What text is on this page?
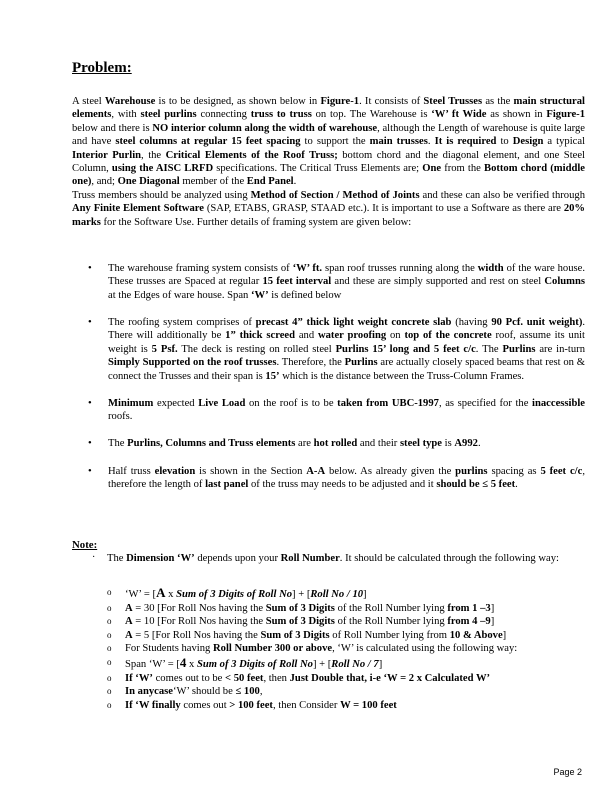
Problem:

A steel Warehouse is to be designed, as shown below in Figure-1. It consists of Steel Trusses as the main structural elements, with steel purlins connecting truss to truss on top. The Warehouse is ‘W’ ft Wide as shown in Figure-1 below and there is NO interior column along the width of warehouse, although the Length of warehouse is quite large and have steel columns at regular 15 feet spacing to support the main trusses. It is required to Design a typical Interior Purlin, the Critical Elements of the Roof Truss; bottom chord and the diagonal element, and one Steel Column, using the AISC LRFD specifications. The Critical Truss Elements are; One from the Bottom chord (middle one), and; One Diagonal member of the End Panel.

Truss members should be analyzed using Method of Section / Method of Joints and these can also be verified through Any Finite Element Software (SAP, ETABS, GRASP, STAAD etc.). It is important to use a Software as there are 20% marks for the Software Use. Further details of framing system are given below:

• The warehouse framing system consists of ‘W’ ft. span roof trusses running along the width of the ware house. These trusses are Spaced at regular 15 feet interval and these are simply supported and rest on steel Columns at the Edges of ware house. Span ‘W’ is defined below
• The roofing system comprises of precast 4” thick light weight concrete slab (having 90 Pcf. unit weight). There will additionally be 1” thick screed and water proofing on top of the concrete roof, assume its unit weight is 5 Psf. The deck is resting on rolled steel Purlins 15’ long and 5 feet c/c. The Purlins are in-turn Simply Supported on the roof trusses. Therefore, the Purlins are actually closely spaced beams that rest on & connect the Trusses and their span is 15’ which is the distance between the Truss-Column Frames.
• Minimum expected Live Load on the roof is to be taken from UBC-1997, as specified for the inaccessible roofs.
• The Purlins, Columns and Truss elements are hot rolled and their steel type is A992.
• Half truss elevation is shown in the Section A-A below. As already given the purlins spacing as 5 feet c/c, therefore the length of last panel of the truss may needs to be adjusted and it should be ≤ 5 feet.
Note:
· The Dimension ‘W’ depends upon your Roll Number. It should be calculated through the following way:
o ‘W’ = [A x Sum of 3 Digits of Roll No] + [Roll No / 10]
o A = 30 [For Roll Nos having the Sum of 3 Digits of the Roll Number lying from 1 –3]
o A = 10 [For Roll Nos having the Sum of 3 Digits of the Roll Number lying from 4 –9]
o A = 5 [For Roll Nos having the Sum of 3 Digits of Roll Number lying from 10 & Above]
o For Students having Roll Number 300 or above, ‘W’ is calculated using the following way:
o Span ‘W’ = [4 x Sum of 3 Digits of Roll No] + [Roll No / 7]
o If ‘W’ comes out to be < 50 feet, then Just Double that, i-e ‘W = 2 x Calculated W’
o In anycase‘W’ should be ≤ 100,
o If ‘W finally comes out > 100 feet, then Consider W = 100 feet
Page 2
